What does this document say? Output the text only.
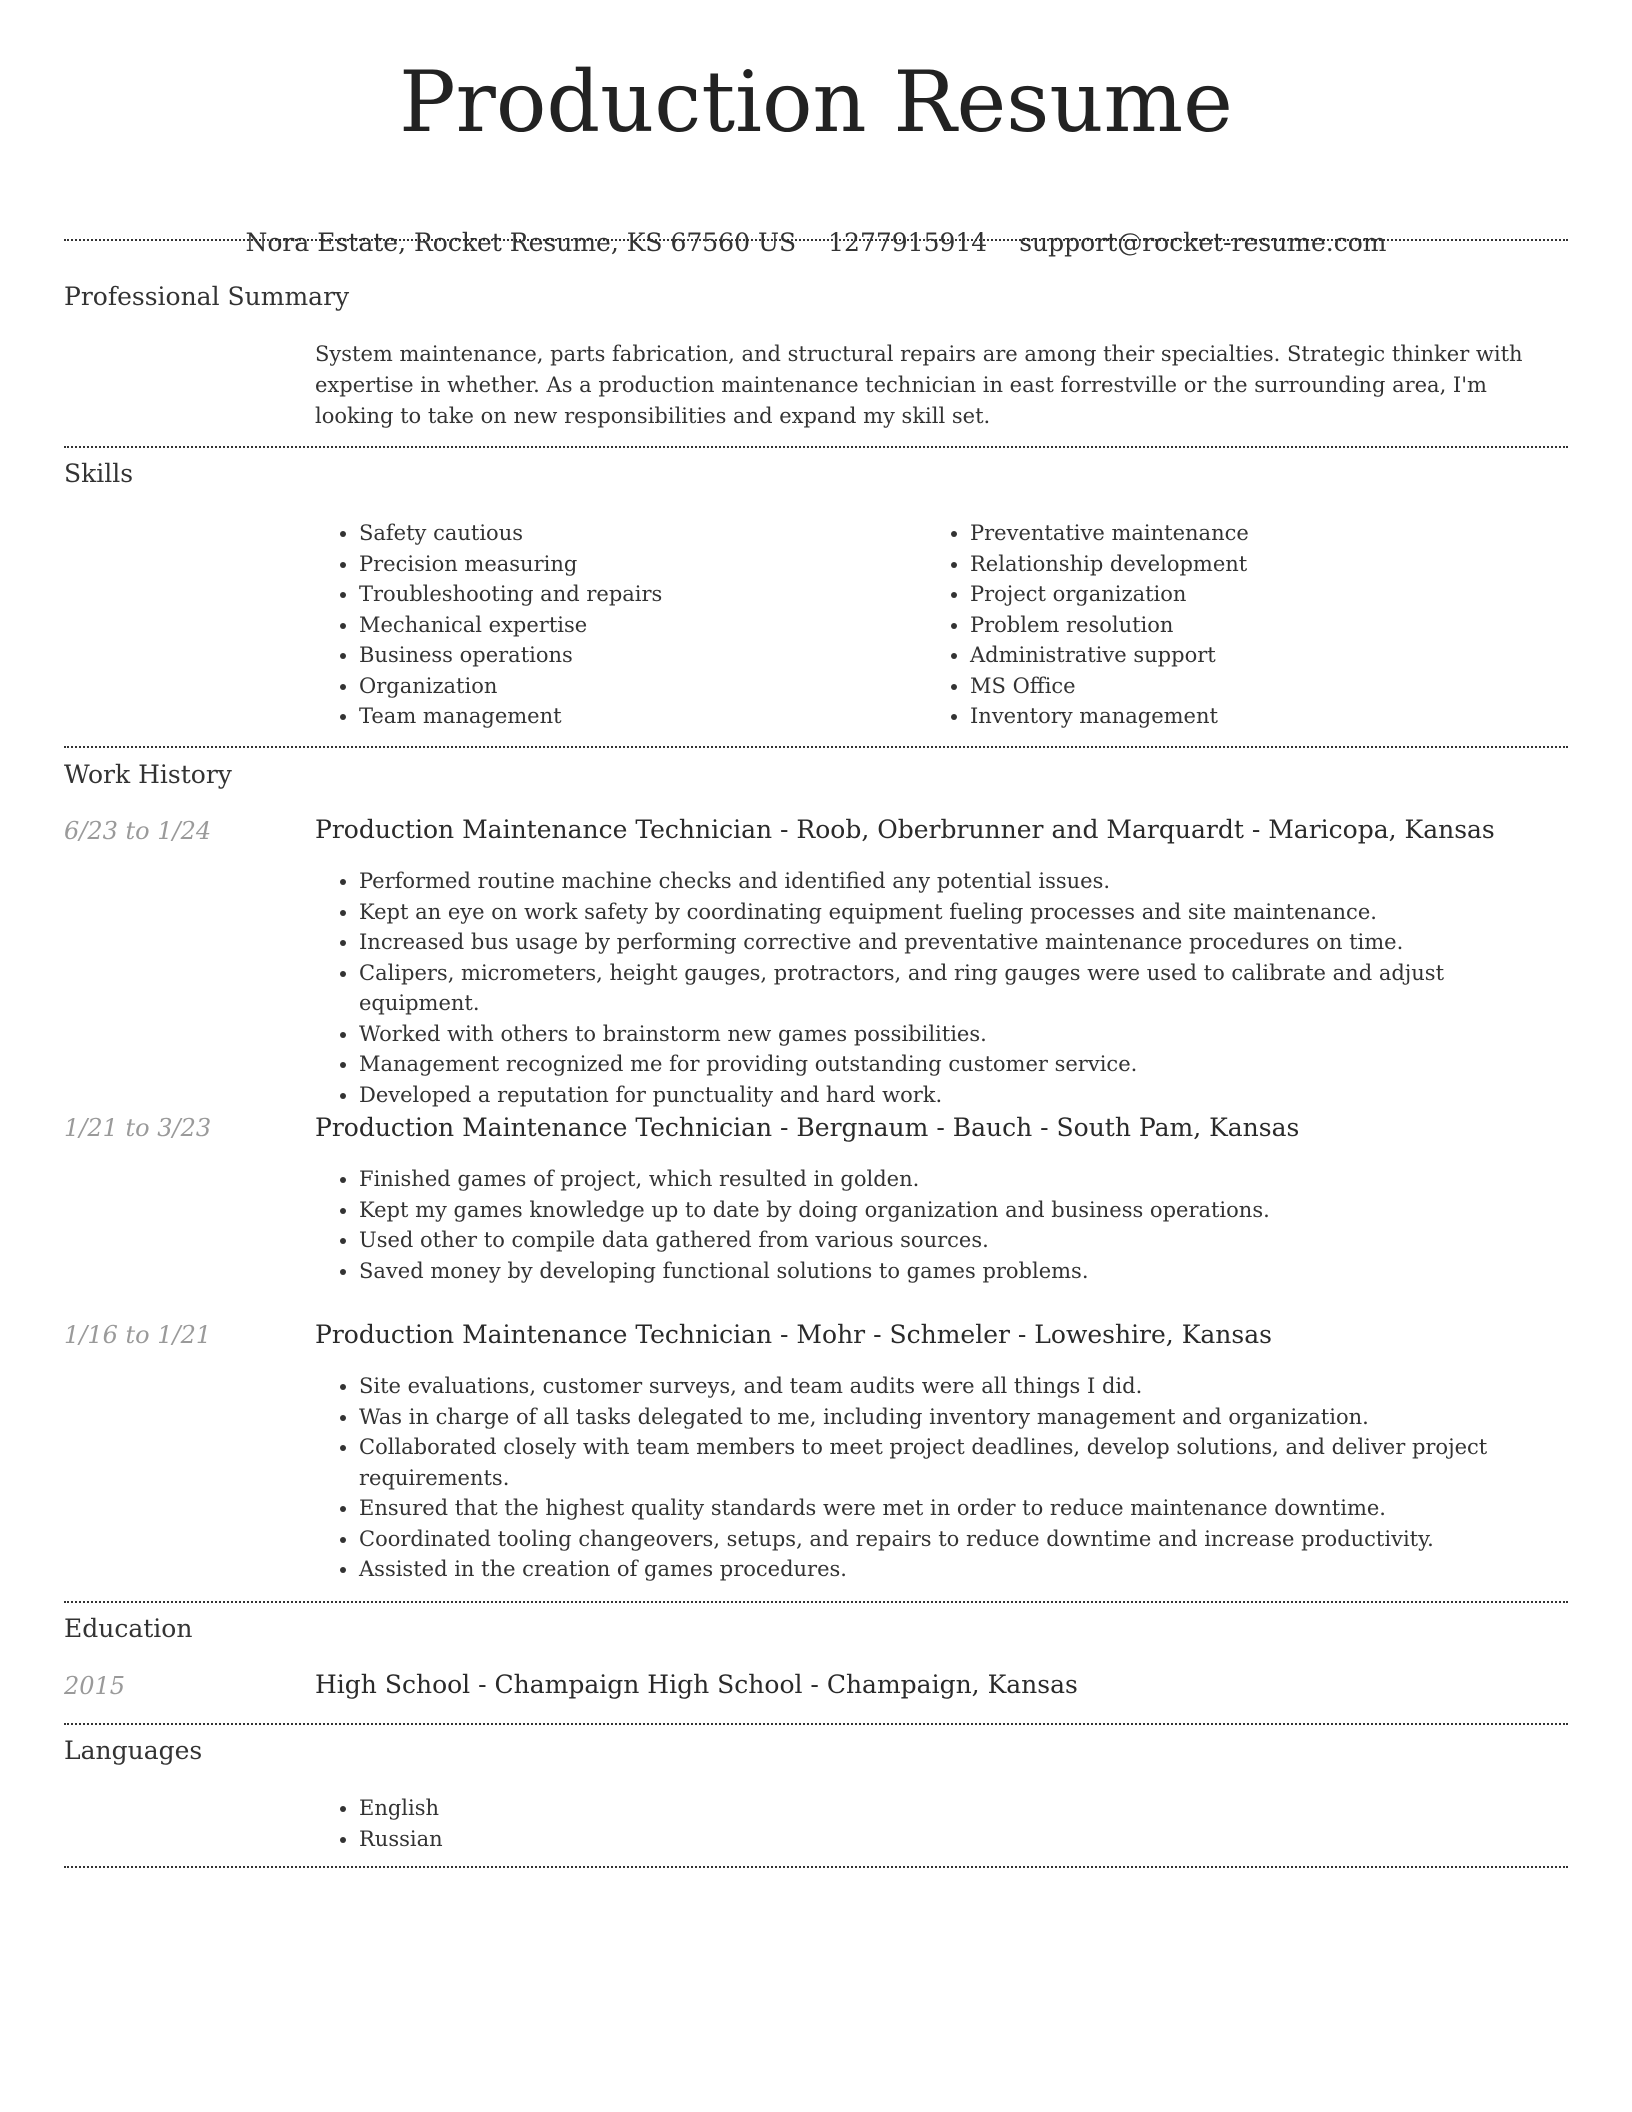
Production Resume
Nora Estate, Rocket Resume, KS 67560 US 1277915914 support@rocket-resume.com
Professional Summary
System maintenance, parts fabrication, and structural repairs are among their specialties. Strategic thinker with expertise in whether. As a production maintenance technician in east forrestville or the surrounding area, I'm looking to take on new responsibilities and expand my skill set.
Skills
• Safety cautious
• Precision measuring
• Troubleshooting and repairs
• Mechanical expertise
• Business operations
• Organization
• Team management
• Preventative maintenance
• Relationship development
• Project organization
• Problem resolution
• Administrative support
• MS Office
• Inventory management
Work History
6/23 to 1/24	Production Maintenance Technician - Roob, Oberbrunner and Marquardt - Maricopa, Kansas
• Performed routine machine checks and identified any potential issues.
• Kept an eye on work safety by coordinating equipment fueling processes and site maintenance.
• Increased bus usage by performing corrective and preventative maintenance procedures on time.
• Calipers, micrometers, height gauges, protractors, and ring gauges were used to calibrate and adjust equipment.
• Worked with others to brainstorm new games possibilities.
• Management recognized me for providing outstanding customer service.
• Developed a reputation for punctuality and hard work.
1/21 to 3/23	Production Maintenance Technician - Bergnaum - Bauch - South Pam, Kansas
• Finished games of project, which resulted in golden.
• Kept my games knowledge up to date by doing organization and business operations.
• Used other to compile data gathered from various sources.
• Saved money by developing functional solutions to games problems.
1/16 to 1/21	Production Maintenance Technician - Mohr - Schmeler - Loweshire, Kansas
• Site evaluations, customer surveys, and team audits were all things I did.
• Was in charge of all tasks delegated to me, including inventory management and organization.
• Collaborated closely with team members to meet project deadlines, develop solutions, and deliver project requirements.
• Ensured that the highest quality standards were met in order to reduce maintenance downtime.
• Coordinated tooling changeovers, setups, and repairs to reduce downtime and increase productivity.
• Assisted in the creation of games procedures.
Education
2015	High School - Champaign High School - Champaign, Kansas
Languages
• English
• Russian
